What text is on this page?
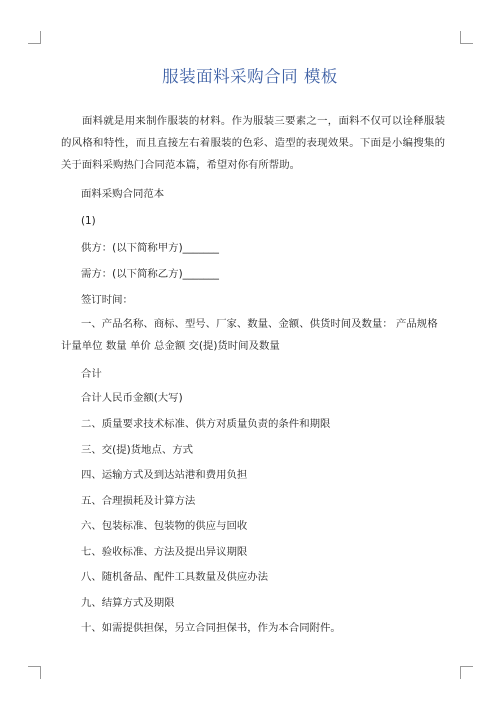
服装面料采购合同 模板

面料就是用来制作服装的材料。作为服装三要素之一，面料不仅可以诠释服装的风格和特性，而且直接左右着服装的色彩、造型的表现效果。下面是小编搜集的关于面料采购热门合同范本篇，希望对你有所帮助。

面料采购合同范本

(1)

供方：(以下简称甲方)_______

需方：(以下简称乙方)_______

签订时间：

一、产品名称、商标、型号、厂家、数量、金额、供货时间及数量： 产品规格 计量单位 数量 单价 总金额 交(提)货时间及数量

合计

合计人民币金额(大写)

二、质量要求技术标准、供方对质量负责的条件和期限

三、交(提)货地点、方式

四、运输方式及到达站港和费用负担

五、合理损耗及计算方法

六、包装标准、包装物的供应与回收

七、验收标准、方法及提出异议期限

八、随机备品、配件工具数量及供应办法

九、结算方式及期限

十、如需提供担保，另立合同担保书，作为本合同附件。
